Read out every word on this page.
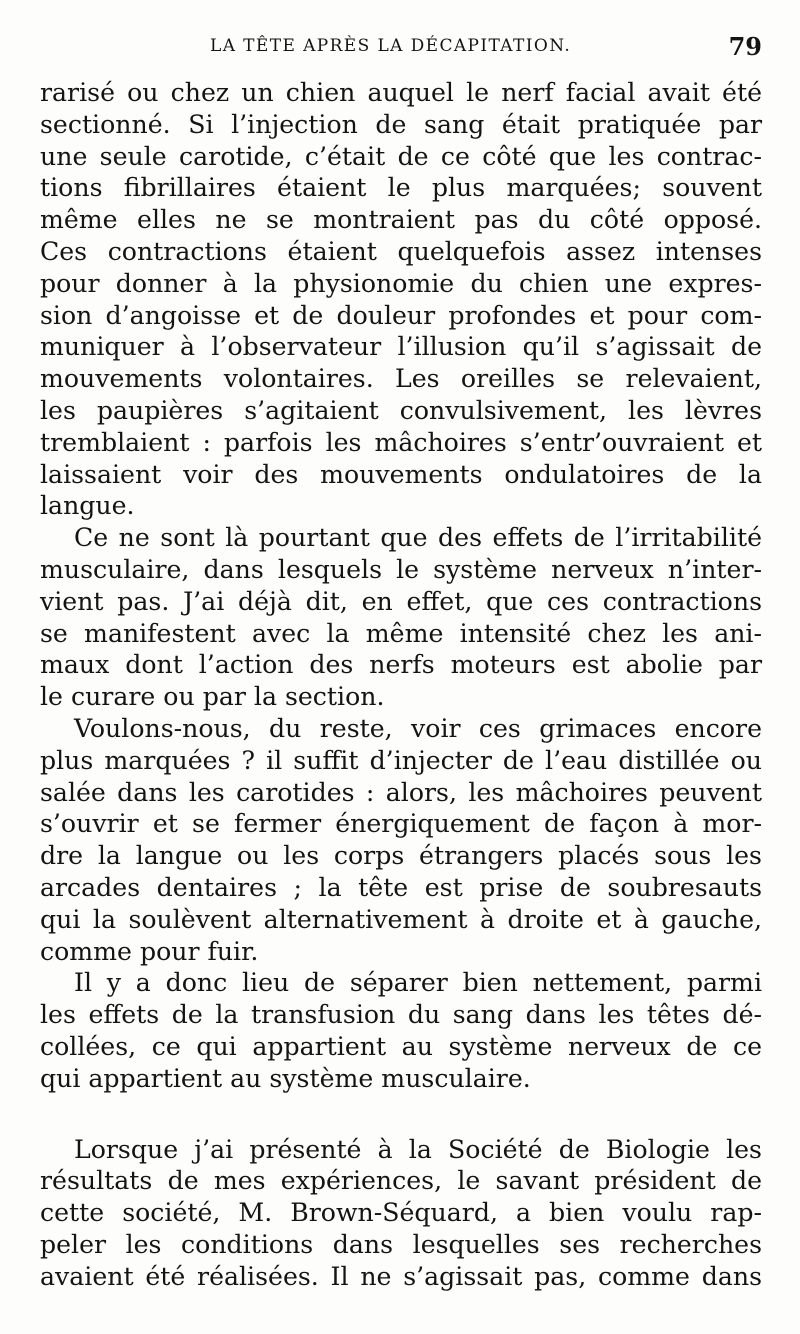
LA TÊTE APRÈS LA DÉCAPITATION.	79
rarisé ou chez un chien auquel le nerf facial avait été
sectionné. Si l’injection de sang était pratiquée par
une seule carotide, c’était de ce côté que les contrac-
tions fibrillaires étaient le plus marquées; souvent
même elles ne se montraient pas du côté opposé.
Ces contractions étaient quelquefois assez intenses
pour donner à la physionomie du chien une expres-
sion d’angoisse et de douleur profondes et pour com-
muniquer à l’observateur l’illusion qu’il s’agissait de
mouvements volontaires. Les oreilles se relevaient,
les paupières s’agitaient convulsivement, les lèvres
tremblaient : parfois les mâchoires s’entr’ouvraient et
laissaient voir des mouvements ondulatoires de la
langue.
Ce ne sont là pourtant que des effets de l’irritabilité
musculaire, dans lesquels le système nerveux n’inter-
vient pas. J’ai déjà dit, en effet, que ces contractions
se manifestent avec la même intensité chez les ani-
maux dont l’action des nerfs moteurs est abolie par
le curare ou par la section.
Voulons-nous, du reste, voir ces grimaces encore
plus marquées ? il suffit d’injecter de l’eau distillée ou
salée dans les carotides : alors, les mâchoires peuvent
s’ouvrir et se fermer énergiquement de façon à mor-
dre la langue ou les corps étrangers placés sous les
arcades dentaires ; la tête est prise de soubresauts
qui la soulèvent alternativement à droite et à gauche,
comme pour fuir.
Il y a donc lieu de séparer bien nettement, parmi
les effets de la transfusion du sang dans les têtes dé-
collées, ce qui appartient au système nerveux de ce
qui appartient au système musculaire.
Lorsque j’ai présenté à la Société de Biologie les
résultats de mes expériences, le savant président de
cette société, M. Brown-Séquard, a bien voulu rap-
peler les conditions dans lesquelles ses recherches
avaient été réalisées. Il ne s’agissait pas, comme dans
